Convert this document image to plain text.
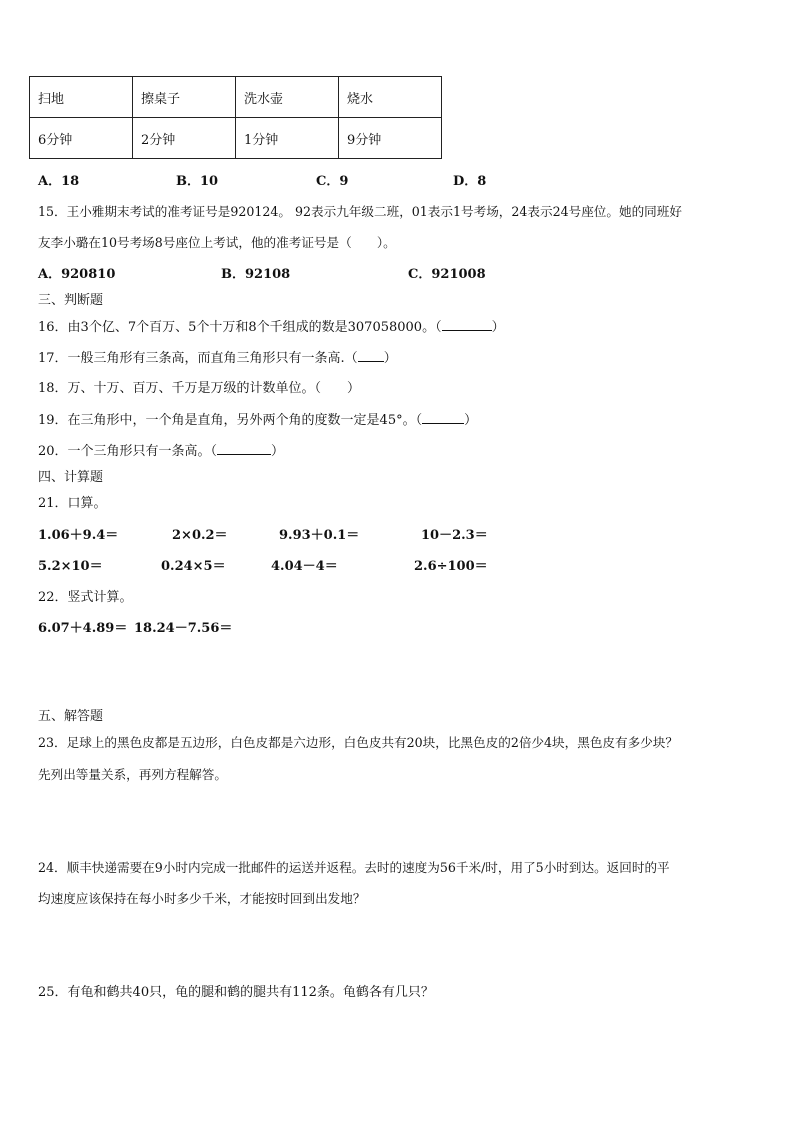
扫地	擦桌子	洗水壶	烧水
6分钟	2分钟	1分钟	9分钟
A．18	B．10	C．9	D．8
15．王小雅期末考试的准考证号是920124。 92表示九年级二班，01表示1号考场，24表示24号座位。她的同班好
友李小璐在10号考场8号座位上考试，他的准考证号是（　　）。
A．920810	B．92108	C．921008
三、判断题
16．由3个亿、7个百万、5个十万和8个千组成的数是307058000。（	）
17．一般三角形有三条高，而直角三角形只有一条高.（ ）
18．万、十万、百万、千万是万级的计数单位。（　　）
19．在三角形中，一个角是直角，另外两个角的度数一定是45°。（	）
20．一个三角形只有一条高。（	）
四、计算题
21．口算。
1.06＋9.4＝	2×0.2＝	9.93＋0.1＝	10－2.3＝
5.2×10＝	0.24×5＝	4.04－4＝	2.6÷100＝
22．竖式计算。
6.07＋4.89＝ 18.24－7.56＝
五、解答题
23．足球上的黑色皮都是五边形，白色皮都是六边形，白色皮共有20块，比黑色皮的2倍少4块，黑色皮有多少块？
先列出等量关系，再列方程解答。
24．顺丰快递需要在9小时内完成一批邮件的运送并返程。去时的速度为56千米/时，用了5小时到达。返回时的平
均速度应该保持在每小时多少千米，才能按时回到出发地？
25．有龟和鹤共40只，龟的腿和鹤的腿共有112条。龟鹤各有几只？
